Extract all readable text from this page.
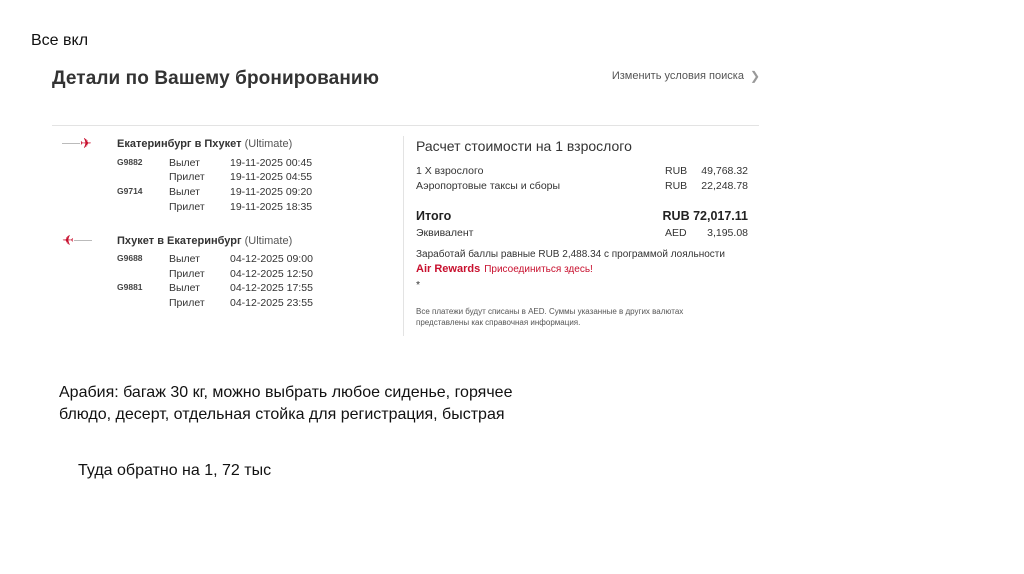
Все вкл
Детали по Вашему бронированию	Изменить условия поиска ❯
✈ Екатеринбург в Пхукет (Ultimate)
G9882	Вылет	19-11-2025 00:45
Прилет 19-11-2025 04:55
G9714	Вылет	19-11-2025 09:20
Прилет 19-11-2025 18:35
✈	Пхукет в Екатеринбург (Ultimate)
G9688	Вылет	04-12-2025 09:00
Прилет 04-12-2025 12:50
G9881	Вылет	04-12-2025 17:55
Прилет 04-12-2025 23:55
Расчет стоимости на 1 взрослого
1 Х взрослого	RUB	49,768.32
Аэропортовые таксы и сборы	RUB	22,248.78
Итого	RUB 72,017.11
Эквивалент	AED	3,195.08
Заработай баллы равные RUB 2,488.34 с программой лояльности
Air Rewards Присоединиться здесь!
*
Все платежи будут списаны в AED. Суммы указанные в других валютах представлены как справочная информация.
Арабия: багаж 30 кг, можно выбрать любое сиденье, горячее
блюдо, десерт, отдельная стойка для регистрация, быстрая
Туда обратно на 1, 72 тыс
